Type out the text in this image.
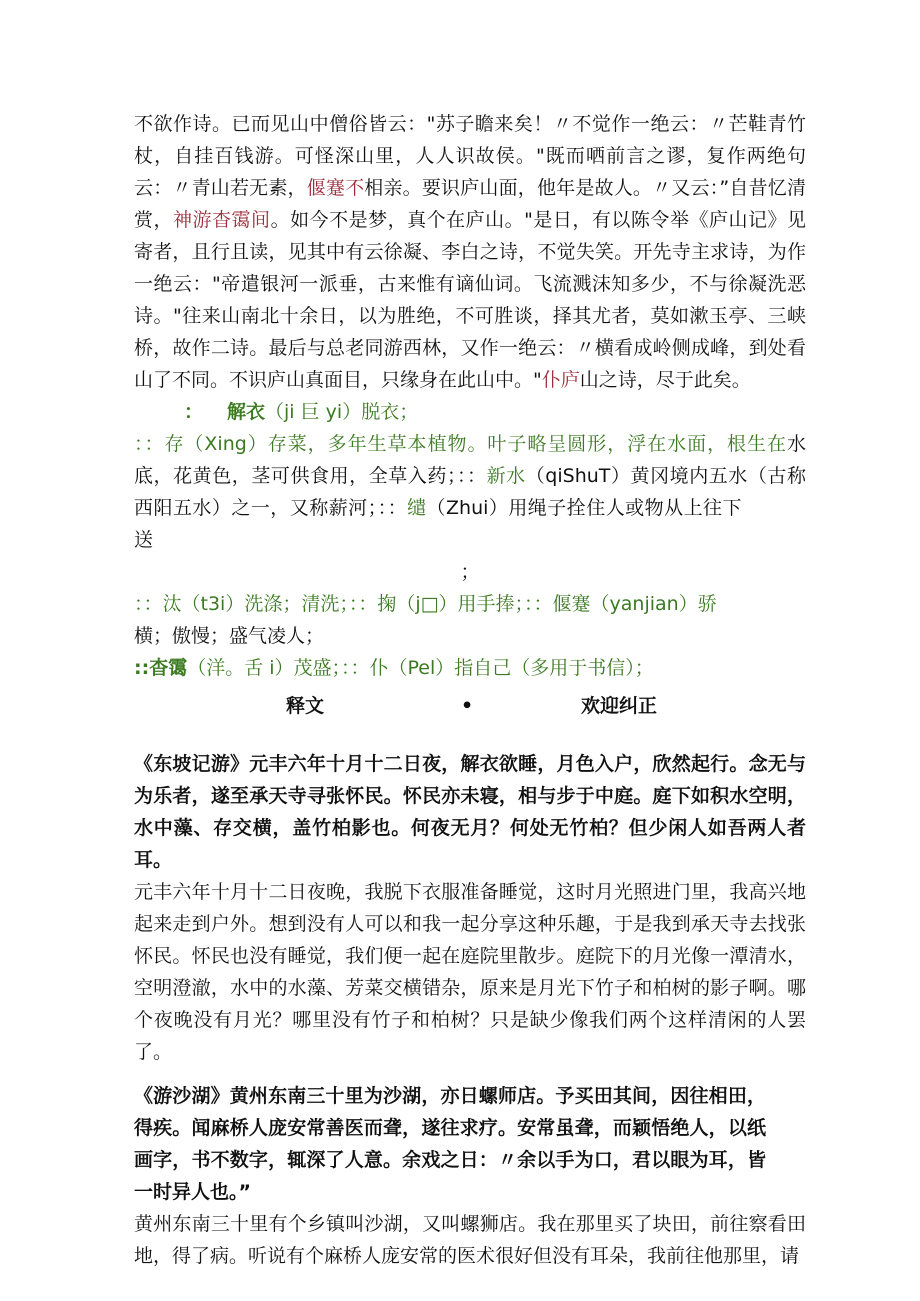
不欲作诗。已而见山中僧俗皆云："苏子瞻来矣！〃不觉作一绝云：〃芒鞋青竹杖，自挂百钱游。可怪深山里，人人识故侯。"既而哂前言之谬，复作两绝句云：〃青山若无素，偃蹇不相亲。要识庐山面，他年是故人。〃又云：”自昔忆清赏，神游杳霭间。如今不是梦，真个在庐山。"是日，有以陈令举《庐山记》见寄者，且行且读，见其中有云徐凝、李白之诗，不觉失笑。开先寺主求诗，为作一绝云："帝遣银河一派垂，古来惟有谪仙词。飞流溅沫知多少，不与徐凝洗恶诗。"往来山南北十余日，以为胜绝，不可胜谈，择其尤者，莫如漱玉亭、三峡桥，故作二诗。最后与总老同游西林，又作一绝云：〃横看成岭侧成峰，到处看山了不同。不识庐山真面目，只缘身在此山中。"仆庐山之诗，尽于此矣。

： 解衣（ji 巨 yi）脱衣；

：：存（Xing）存菜，多年生草本植物。叶子略呈圆形，浮在水面，根生在水底，花黄色，茎可供食用，全草入药；：：新水（qiShuT）黄冈境内五水（古称西阳五水）之一，又称薪河；：：缱（Zhui）用绳子拴住人或物从上往下送

；

：：汰（t3i）洗涤；清洗；：：掬（j□）用手捧；：：偃蹇（yanjian）骄
横；傲慢；盛气凌人；

::杳霭（洋。舌 i）茂盛；：：仆（Pel）指自己（多用于书信）；

释文	•	欢迎纠正

《东坡记游》元丰六年十月十二日夜，解衣欲睡，月色入户，欣然起行。念无与为乐者，遂至承天寺寻张怀民。怀民亦未寝，相与步于中庭。庭下如积水空明，水中藻、存交横，盖竹柏影也。何夜无月？何处无竹柏？但少闲人如吾两人者耳。

元丰六年十月十二日夜晚，我脱下衣服准备睡觉，这时月光照进门里，我高兴地起来走到户外。想到没有人可以和我一起分享这种乐趣，于是我到承天寺去找张怀民。怀民也没有睡觉，我们便一起在庭院里散步。庭院下的月光像一潭清水，空明澄澈，水中的水藻、芳菜交横错杂，原来是月光下竹子和柏树的影子啊。哪个夜晚没有月光？哪里没有竹子和柏树？只是缺少像我们两个这样清闲的人罢了。

《游沙湖》黄州东南三十里为沙湖，亦日螺师店。予买田其间，因往相田，得疾。闻麻桥人庞安常善医而聋，遂往求疗。安常虽聋，而颖悟绝人，以纸画字，书不数字，辄深了人意。余戏之日：〃余以手为口，君以眼为耳，皆一时异人也。”

黄州东南三十里有个乡镇叫沙湖，又叫螺狮店。我在那里买了块田，前往察看田地，得了病。听说有个麻桥人庞安常的医术很好但没有耳朵，我前往他那里，请
